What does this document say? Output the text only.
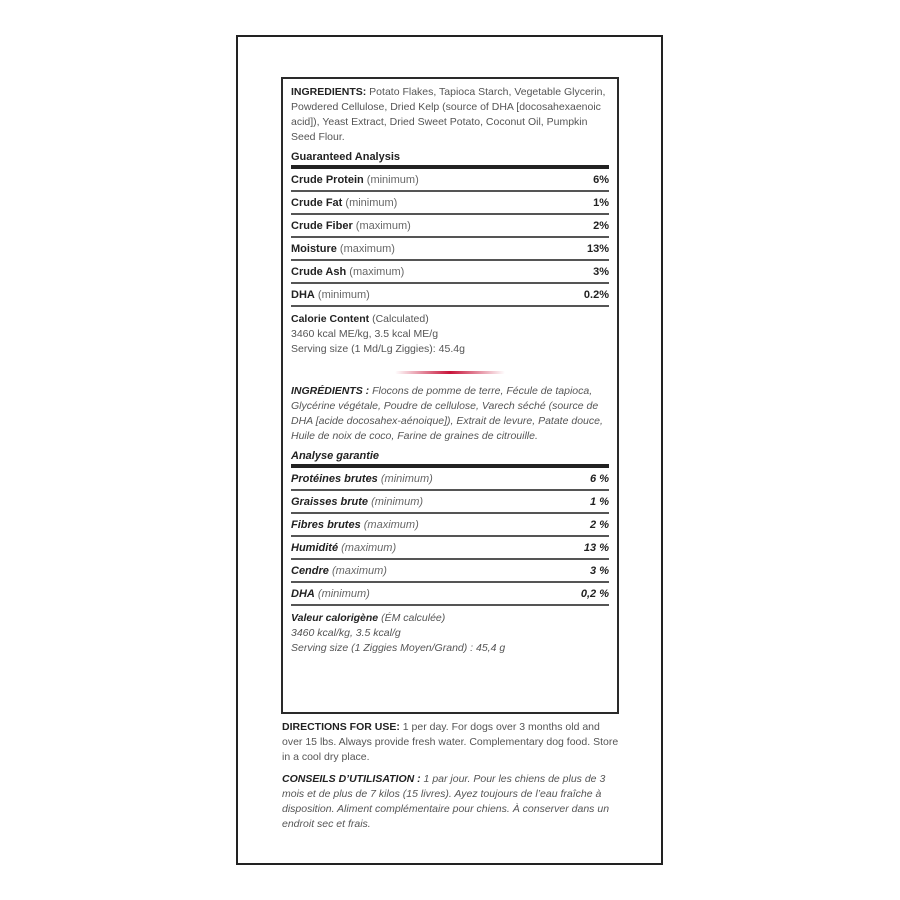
INGREDIENTS: Potato Flakes, Tapioca Starch, Vegetable Glycerin, Powdered Cellulose, Dried Kelp (source of DHA [docosahexaenoic acid]), Yeast Extract, Dried Sweet Potato, Coconut Oil, Pumpkin Seed Flour.

Guaranteed Analysis
Crude Protein (minimum)	6%
Crude Fat (minimum)	1%
Crude Fiber (maximum)	2%
Moisture (maximum)	13%
Crude Ash (maximum)	3%
DHA (minimum)	0.2%
Calorie Content (Calculated)
3460 kcal ME/kg, 3.5 kcal ME/g
Serving size (1 Md/Lg Ziggies): 45.4g

INGRÉDIENTS : Flocons de pomme de terre, Fécule de tapioca, Glycérine végétale, Poudre de cellulose, Varech séché (source de DHA [acide docosahex-aénoique]), Extrait de levure, Patate douce, Huile de noix de coco, Farine de graines de citrouille.

Analyse garantie
Protéines brutes (minimum)	6 %
Graisses brute (minimum)	1 %
Fibres brutes (maximum)	2 %
Humidité (maximum)	13 %
Cendre (maximum)	3 %
DHA (minimum)	0,2 %
Valeur calorigène (ÉM calculée)
3460 kcal/kg, 3.5 kcal/g
Serving size (1 Ziggies Moyen/Grand) : 45,4 g

DIRECTIONS FOR USE: 1 per day. For dogs over 3 months old and over 15 lbs. Always provide fresh water. Complementary dog food. Store in a cool dry place.

CONSEILS D’UTILISATION : 1 par jour. Pour les chiens de plus de 3 mois et de plus de 7 kilos (15 livres). Ayez toujours de l’eau fraîche à disposition. Aliment complémentaire pour chiens. À conserver dans un endroit sec et frais.
